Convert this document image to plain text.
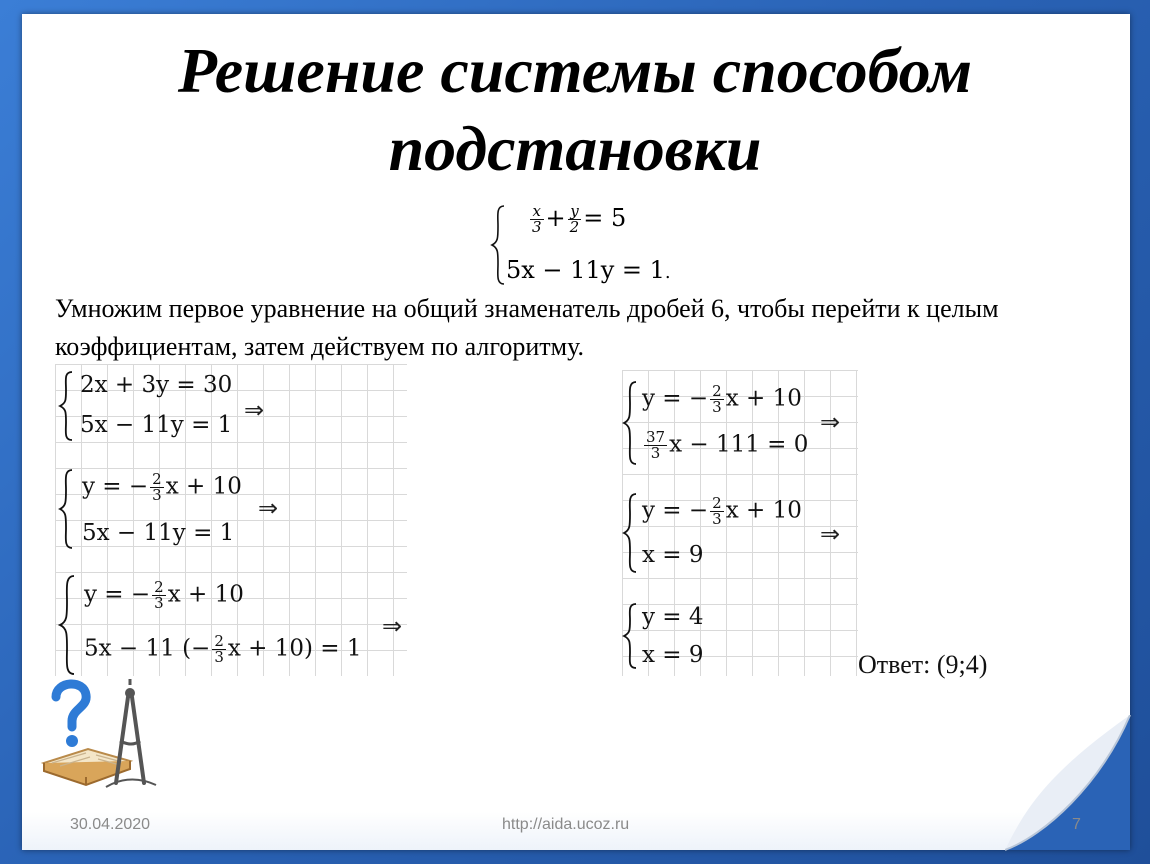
Решение системы способом
подстановки
$\frac{x}{3} + \frac{y}{2} = 5$
5x − 11y = 1.
Умножим первое уравнение на общий знаменатель дробей 6, чтобы перейти к целым
коэффициентам, затем действуем по алгоритму.
2x + 3y = 30
5x − 11y = 1
⇒
y = − $\frac{2}{3}$ x + 10
5x − 11y = 1
⇒
y = − $\frac{2}{3}$ x + 10
5x − 11 (− $\frac{2}{3}$ x + 10) = 1
⇒
y = − $\frac{2}{3}$ x + 10
$\frac{37}{3}$ x − 111 = 0
⇒
y = − $\frac{2}{3}$ x + 10
x = 9
⇒
y = 4
x = 9	Ответ: (9;4)
30.04.2020	http://aida.ucoz.ru	7
